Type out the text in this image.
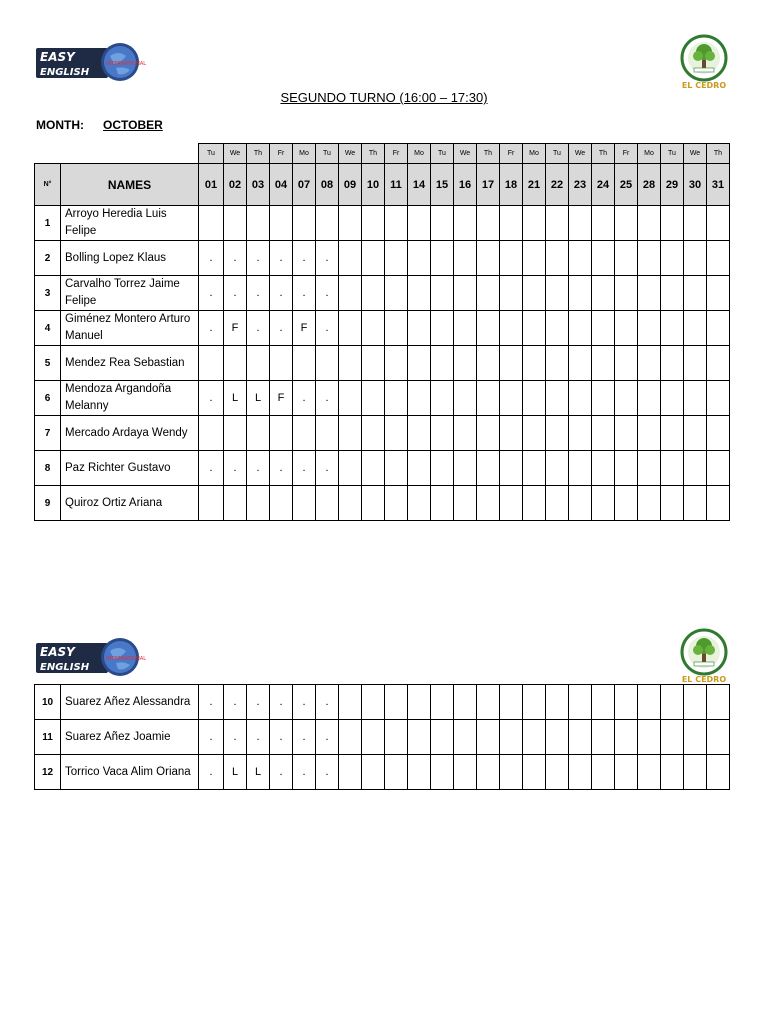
EASY
ENGLISH
INTERNATIONAL
EL CEDRO
SEGUNDO TURNO (16:00 – 17:30)
MONTH: OCTOBER
		Tu	We	Th	Fr	Mo	Tu	We	Th	Fr	Mo	Tu	We	Th	Fr	Mo	Tu	We	Th	Fr	Mo	Tu	We	Th
N°	NAMES	01	02	03	04	07	08	09	10	11	14	15	16	17	18	21	22	23	24	25	28	29	30	31
1	Arroyo Heredia Luis Felipe																							
2	Bolling Lopez Klaus	.	.	.	.	.	.																	
3	Carvalho Torrez Jaime Felipe	.	.	.	.	.	.																	
4	Giménez Montero Arturo Manuel	.	F	.	.	F	.																	
5	Mendez Rea Sebastian																							
6	Mendoza Argandoña Melanny	.	L	L	F	.	.																	
7	Mercado Ardaya Wendy																							
8	Paz Richter Gustavo	.	.	.	.	.	.																	
9	Quiroz Ortiz Ariana																							
EASY
ENGLISH
INTERNATIONAL
EL CEDRO
10	Suarez Añez Alessandra	.	.	.	.	.	.																	
11	Suarez Añez Joamie	.	.	.	.	.	.																	
12	Torrico Vaca Alim Oriana	.	L	L	.	.	.																	
